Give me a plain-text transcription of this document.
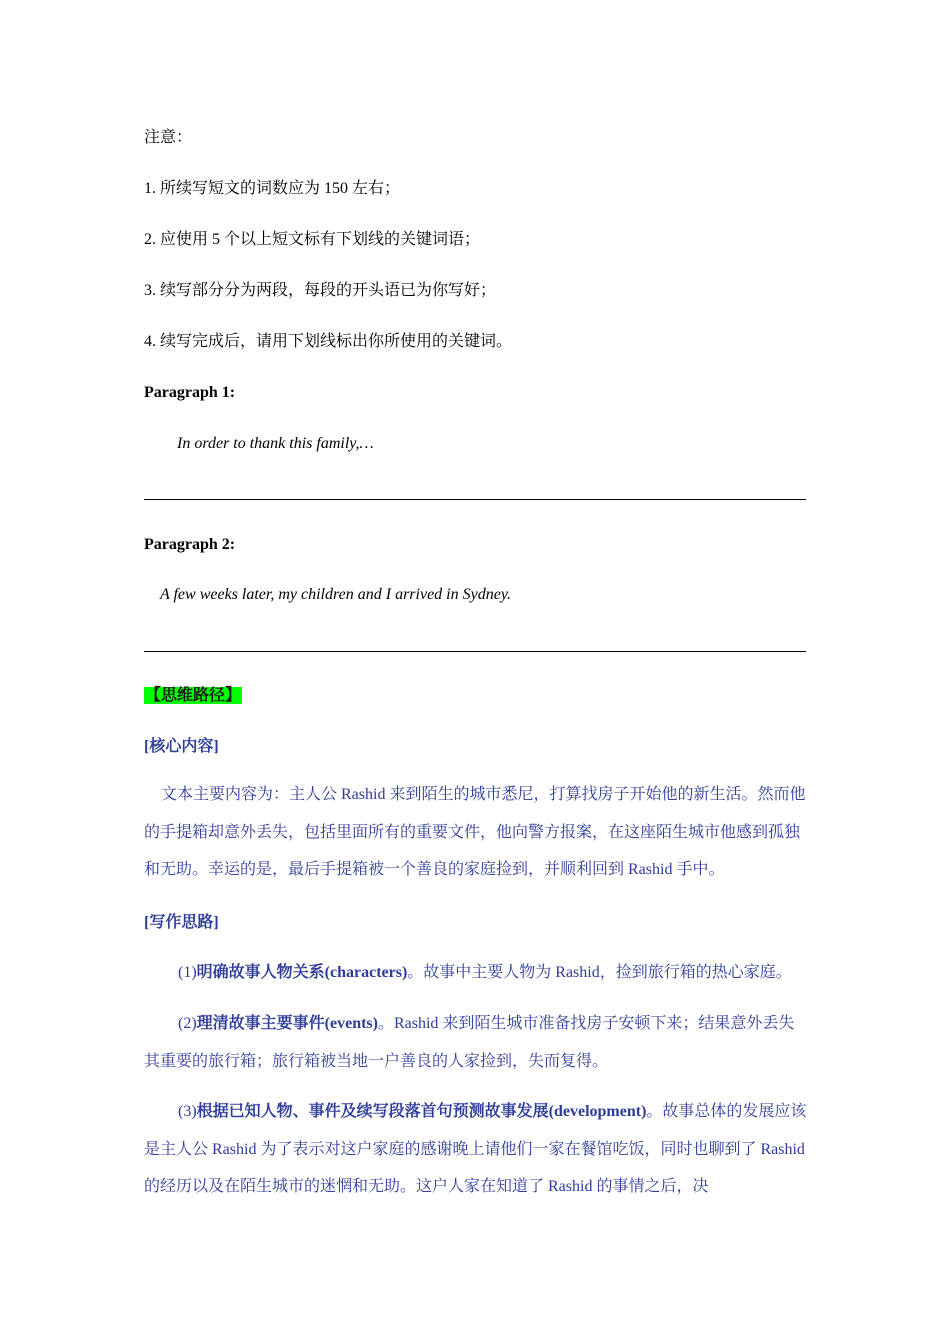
注意：
1. 所续写短文的词数应为 150 左右；
2. 应使用 5 个以上短文标有下划线的关键词语；
3. 续写部分分为两段，每段的开头语已为你写好；
4. 续写完成后，请用下划线标出你所使用的关键词。
Paragraph 1:
In order to thank this family,…
Paragraph 2:
A few weeks later, my children and I arrived in Sydney.
【思维路径】
[核心内容]

文本主要内容为：主人公 Rashid 来到陌生的城市悉尼，打算找房子开始他的新生活。然而他的手提箱却意外丢失，包括里面所有的重要文件，他向警方报案，在这座陌生城市他感到孤独和无助。幸运的是，最后手提箱被一个善良的家庭捡到，并顺利回到 Rashid 手中。

[写作思路]

(1)明确故事人物关系(characters)。故事中主要人物为 Rashid，捡到旅行箱的热心家庭。

(2)理清故事主要事件(events)。Rashid 来到陌生城市准备找房子安顿下来；结果意外丢失其重要的旅行箱；旅行箱被当地一户善良的人家捡到，失而复得。

(3)根据已知人物、事件及续写段落首句预测故事发展(development)。故事总体的发展应该是主人公 Rashid 为了表示对这户家庭的感谢晚上请他们一家在餐馆吃饭，同时也聊到了 Rashid 的经历以及在陌生城市的迷惘和无助。这户人家在知道了 Rashid 的事情之后，决
